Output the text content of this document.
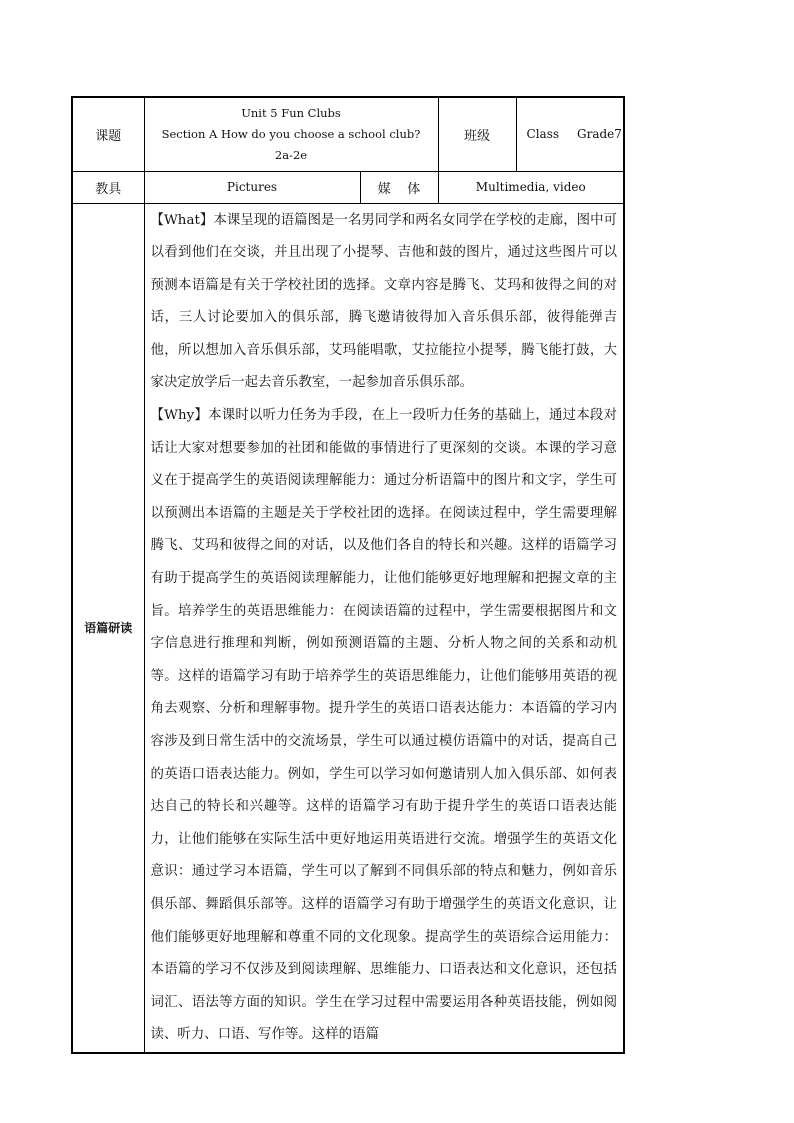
课题	Unit 5 Fun Clubs
Section A How do you choose a school club?
2a-2e		班级	Class Grade7
教具	Pictures	媒    体	Multimedia, video	
语篇研读	【What】本课呈现的语篇图是一名男同学和两名女同学在学校的走廊，图中可以看到他们在交谈，并且出现了小提琴、吉他和鼓的图片，通过这些图片可以预测本语篇是有关于学校社团的选择。文章内容是腾飞、艾玛和彼得之间的对话，三人讨论要加入的俱乐部，腾飞邀请彼得加入音乐俱乐部，彼得能弹吉他，所以想加入音乐俱乐部，艾玛能唱歌，艾拉能拉小提琴，腾飞能打鼓，大家决定放学后一起去音乐教室，一起参加音乐俱乐部。

【Why】本课时以听力任务为手段，在上一段听力任务的基础上，通过本段对话让大家对想要参加的社团和能做的事情进行了更深刻的交谈。本课的学习意义在于提高学生的英语阅读理解能力：通过分析语篇中的图片和文字，学生可以预测出本语篇的主题是关于学校社团的选择。在阅读过程中，学生需要理解腾飞、艾玛和彼得之间的对话，以及他们各自的特长和兴趣。这样的语篇学习有助于提高学生的英语阅读理解能力，让他们能够更好地理解和把握文章的主旨。培养学生的英语思维能力：在阅读语篇的过程中，学生需要根据图片和文字信息进行推理和判断，例如预测语篇的主题、分析人物之间的关系和动机等。这样的语篇学习有助于培养学生的英语思维能力，让他们能够用英语的视角去观察、分析和理解事物。提升学生的英语口语表达能力：本语篇的学习内容涉及到日常生活中的交流场景，学生可以通过模仿语篇中的对话，提高自己的英语口语表达能力。例如，学生可以学习如何邀请别人加入俱乐部、如何表达自己的特长和兴趣等。这样的语篇学习有助于提升学生的英语口语表达能力，让他们能够在实际生活中更好地运用英语进行交流。增强学生的英语文化意识：通过学习本语篇，学生可以了解到不同俱乐部的特点和魅力，例如音乐俱乐部、舞蹈俱乐部等。这样的语篇学习有助于增强学生的英语文化意识，让他们能够更好地理解和尊重不同的文化现象。提高学生的英语综合运用能力：本语篇的学习不仅涉及到阅读理解、思维能力、口语表达和文化意识，还包括词汇、语法等方面的知识。学生在学习过程中需要运用各种英语技能，例如阅读、听力、口语、写作等。这样的语篇			
